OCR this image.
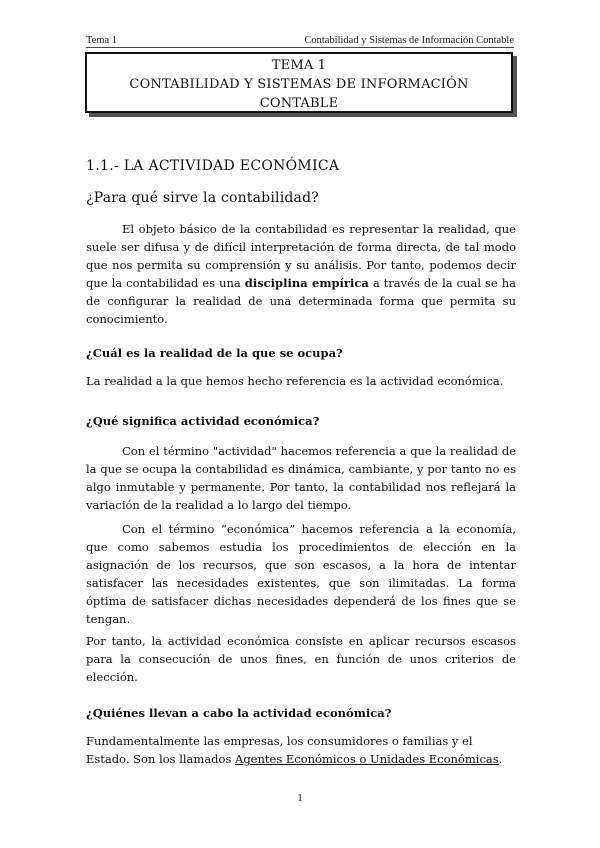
Tema 1	Contabilidad y Sistemas de Información Contable
TEMA 1
CONTABILIDAD Y SISTEMAS DE INFORMACIÓN
CONTABLE
1.1.- LA ACTIVIDAD ECONÓMICA
¿Para qué sirve la contabilidad?

El objeto básico de la contabilidad es representar la realidad, que suele ser difusa y de difícil interpretación de forma directa, de tal modo que nos permita su comprensión y su análisis. Por tanto, podemos decir que la contabilidad es una disciplina empírica a través de la cual se ha de configurar la realidad de una determinada forma que permita su conocimiento.

¿Cuál es la realidad de la que se ocupa?

La realidad a la que hemos hecho referencia es la actividad económica.

¿Qué significa actividad económica?

Con el término "actividad" hacemos referencia a que la realidad de la que se ocupa la contabilidad es dinámica, cambiante, y por tanto no es algo inmutable y permanente. Por tanto, la contabilidad nos reflejará la variación de la realidad a lo largo del tiempo.

Con el término “económica” hacemos referencia a la economía, que como sabemos estudia los procedimientos de elección en la asignación de los recursos, que son escasos, a la hora de intentar satisfacer las necesidades existentes, que son ilimitadas. La forma óptima de satisfacer dichas necesidades dependerá de los fines que se tengan.

Por tanto, la actividad económica consiste en aplicar recursos escasos para la consecución de unos fines, en función de unos criterios de elección.

¿Quiénes llevan a cabo la actividad económica?

Fundamentalmente las empresas, los consumidores o familias y el Estado. Son los llamados Agentes Económicos o Unidades Económicas.

1
